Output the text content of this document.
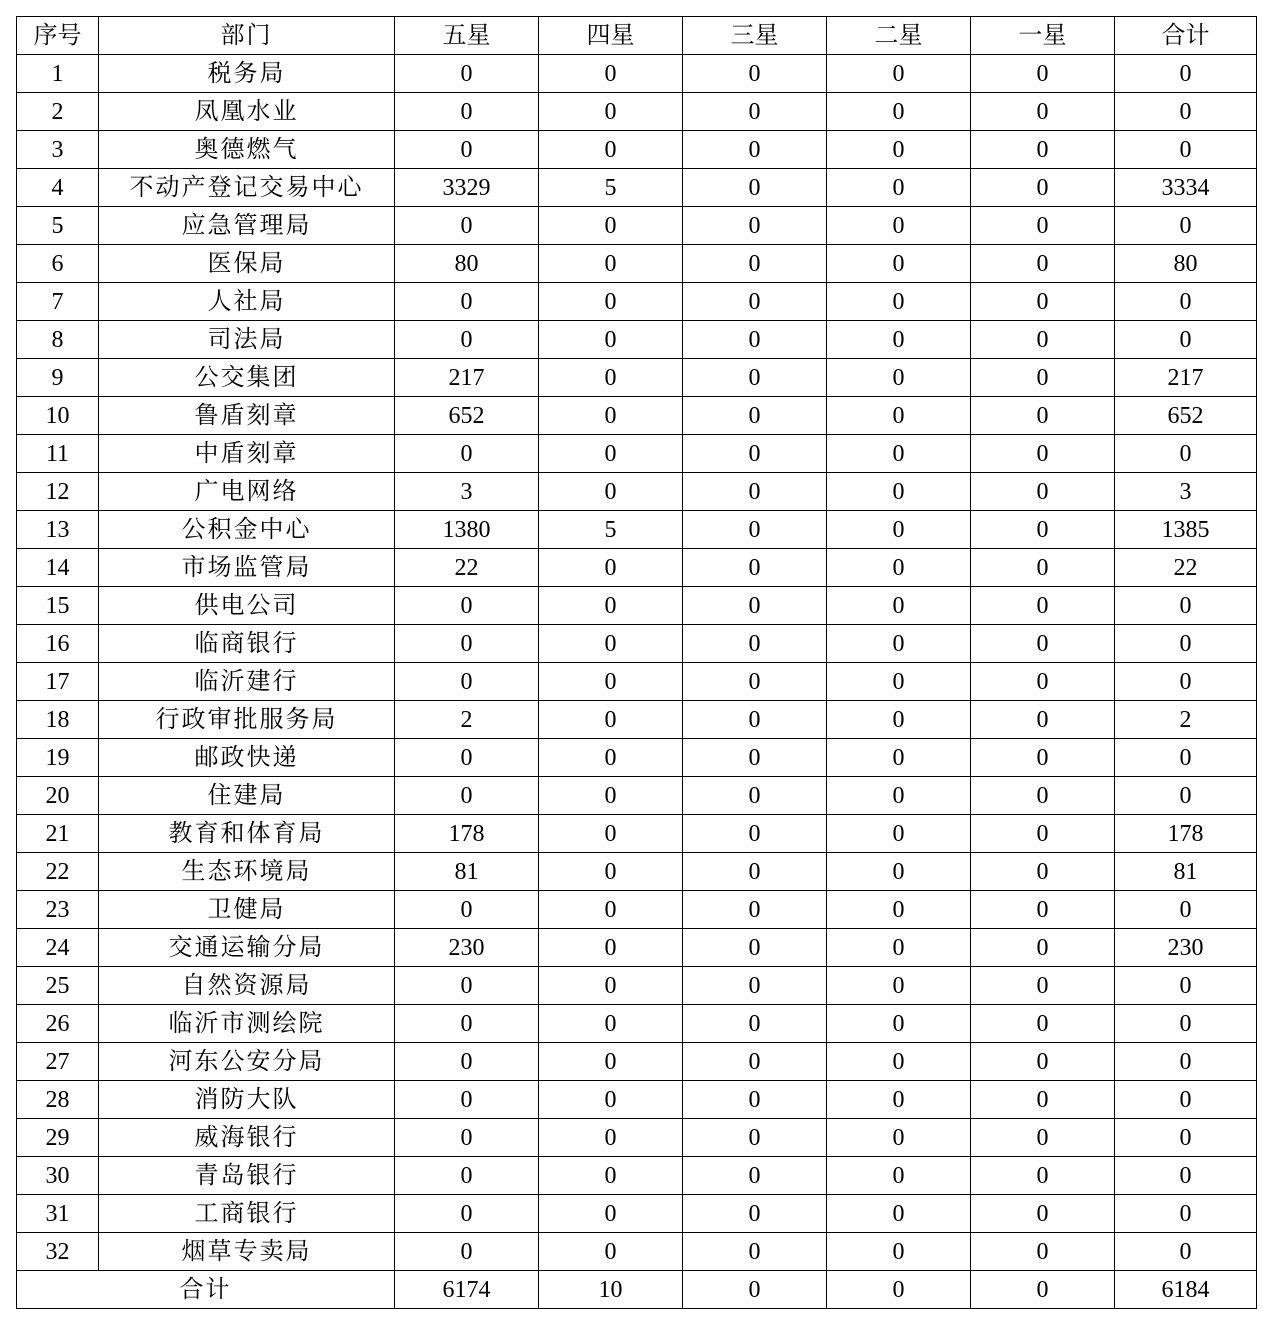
序号	部门	五星	四星	三星	二星	一星	合计
1	税务局	0	0	0	0	0	0
2	凤凰水业	0	0	0	0	0	0
3	奥德燃气	0	0	0	0	0	0
4	不动产登记交易中心	3329	5	0	0	0	3334
5	应急管理局	0	0	0	0	0	0
6	医保局	80	0	0	0	0	80
7	人社局	0	0	0	0	0	0
8	司法局	0	0	0	0	0	0
9	公交集团	217	0	0	0	0	217
10	鲁盾刻章	652	0	0	0	0	652
11	中盾刻章	0	0	0	0	0	0
12	广电网络	3	0	0	0	0	3
13	公积金中心	1380	5	0	0	0	1385
14	市场监管局	22	0	0	0	0	22
15	供电公司	0	0	0	0	0	0
16	临商银行	0	0	0	0	0	0
17	临沂建行	0	0	0	0	0	0
18	行政审批服务局	2	0	0	0	0	2
19	邮政快递	0	0	0	0	0	0
20	住建局	0	0	0	0	0	0
21	教育和体育局	178	0	0	0	0	178
22	生态环境局	81	0	0	0	0	81
23	卫健局	0	0	0	0	0	0
24	交通运输分局	230	0	0	0	0	230
25	自然资源局	0	0	0	0	0	0
26	临沂市测绘院	0	0	0	0	0	0
27	河东公安分局	0	0	0	0	0	0
28	消防大队	0	0	0	0	0	0
29	威海银行	0	0	0	0	0	0
30	青岛银行	0	0	0	0	0	0
31	工商银行	0	0	0	0	0	0
32	烟草专卖局	0	0	0	0	0	0
合计		6174	10	0	0	0	6184
